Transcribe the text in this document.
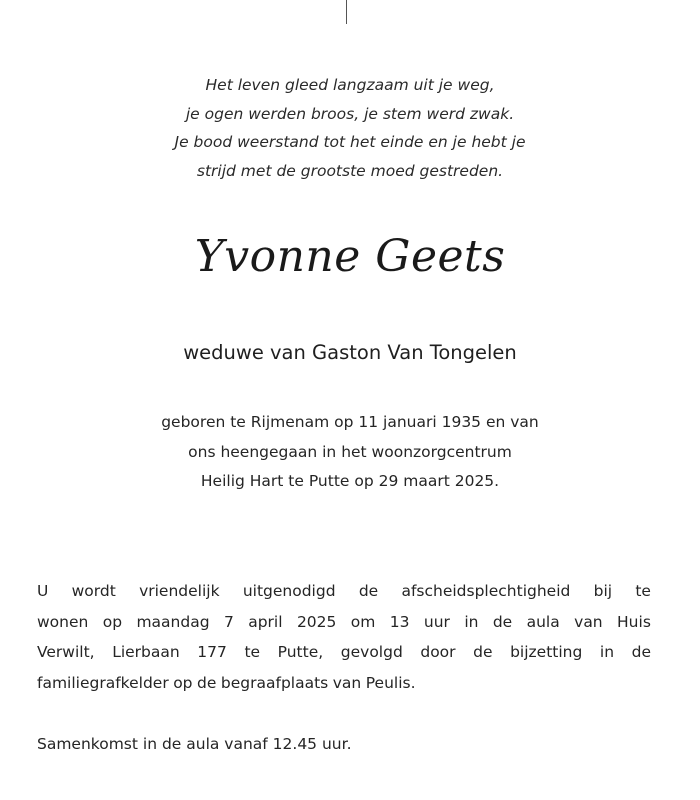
Het leven gleed langzaam uit je weg,
je ogen werden broos, je stem werd zwak.
Je bood weerstand tot het einde en je hebt je
strijd met de grootste moed gestreden.
Yvonne Geets
weduwe van Gaston Van Tongelen
geboren te Rijmenam op 11 januari 1935 en van
ons heengegaan in het woonzorgcentrum
Heilig Hart te Putte op 29 maart 2025.
U wordt vriendelijk uitgenodigd de afscheidsplechtigheid bij te
wonen op maandag 7 april 2025 om 13 uur in de aula van Huis
Verwilt, Lierbaan 177 te Putte, gevolgd door de bijzetting in de
familiegrafkelder op de begraafplaats van Peulis.
Samenkomst in de aula vanaf 12.45 uur.
